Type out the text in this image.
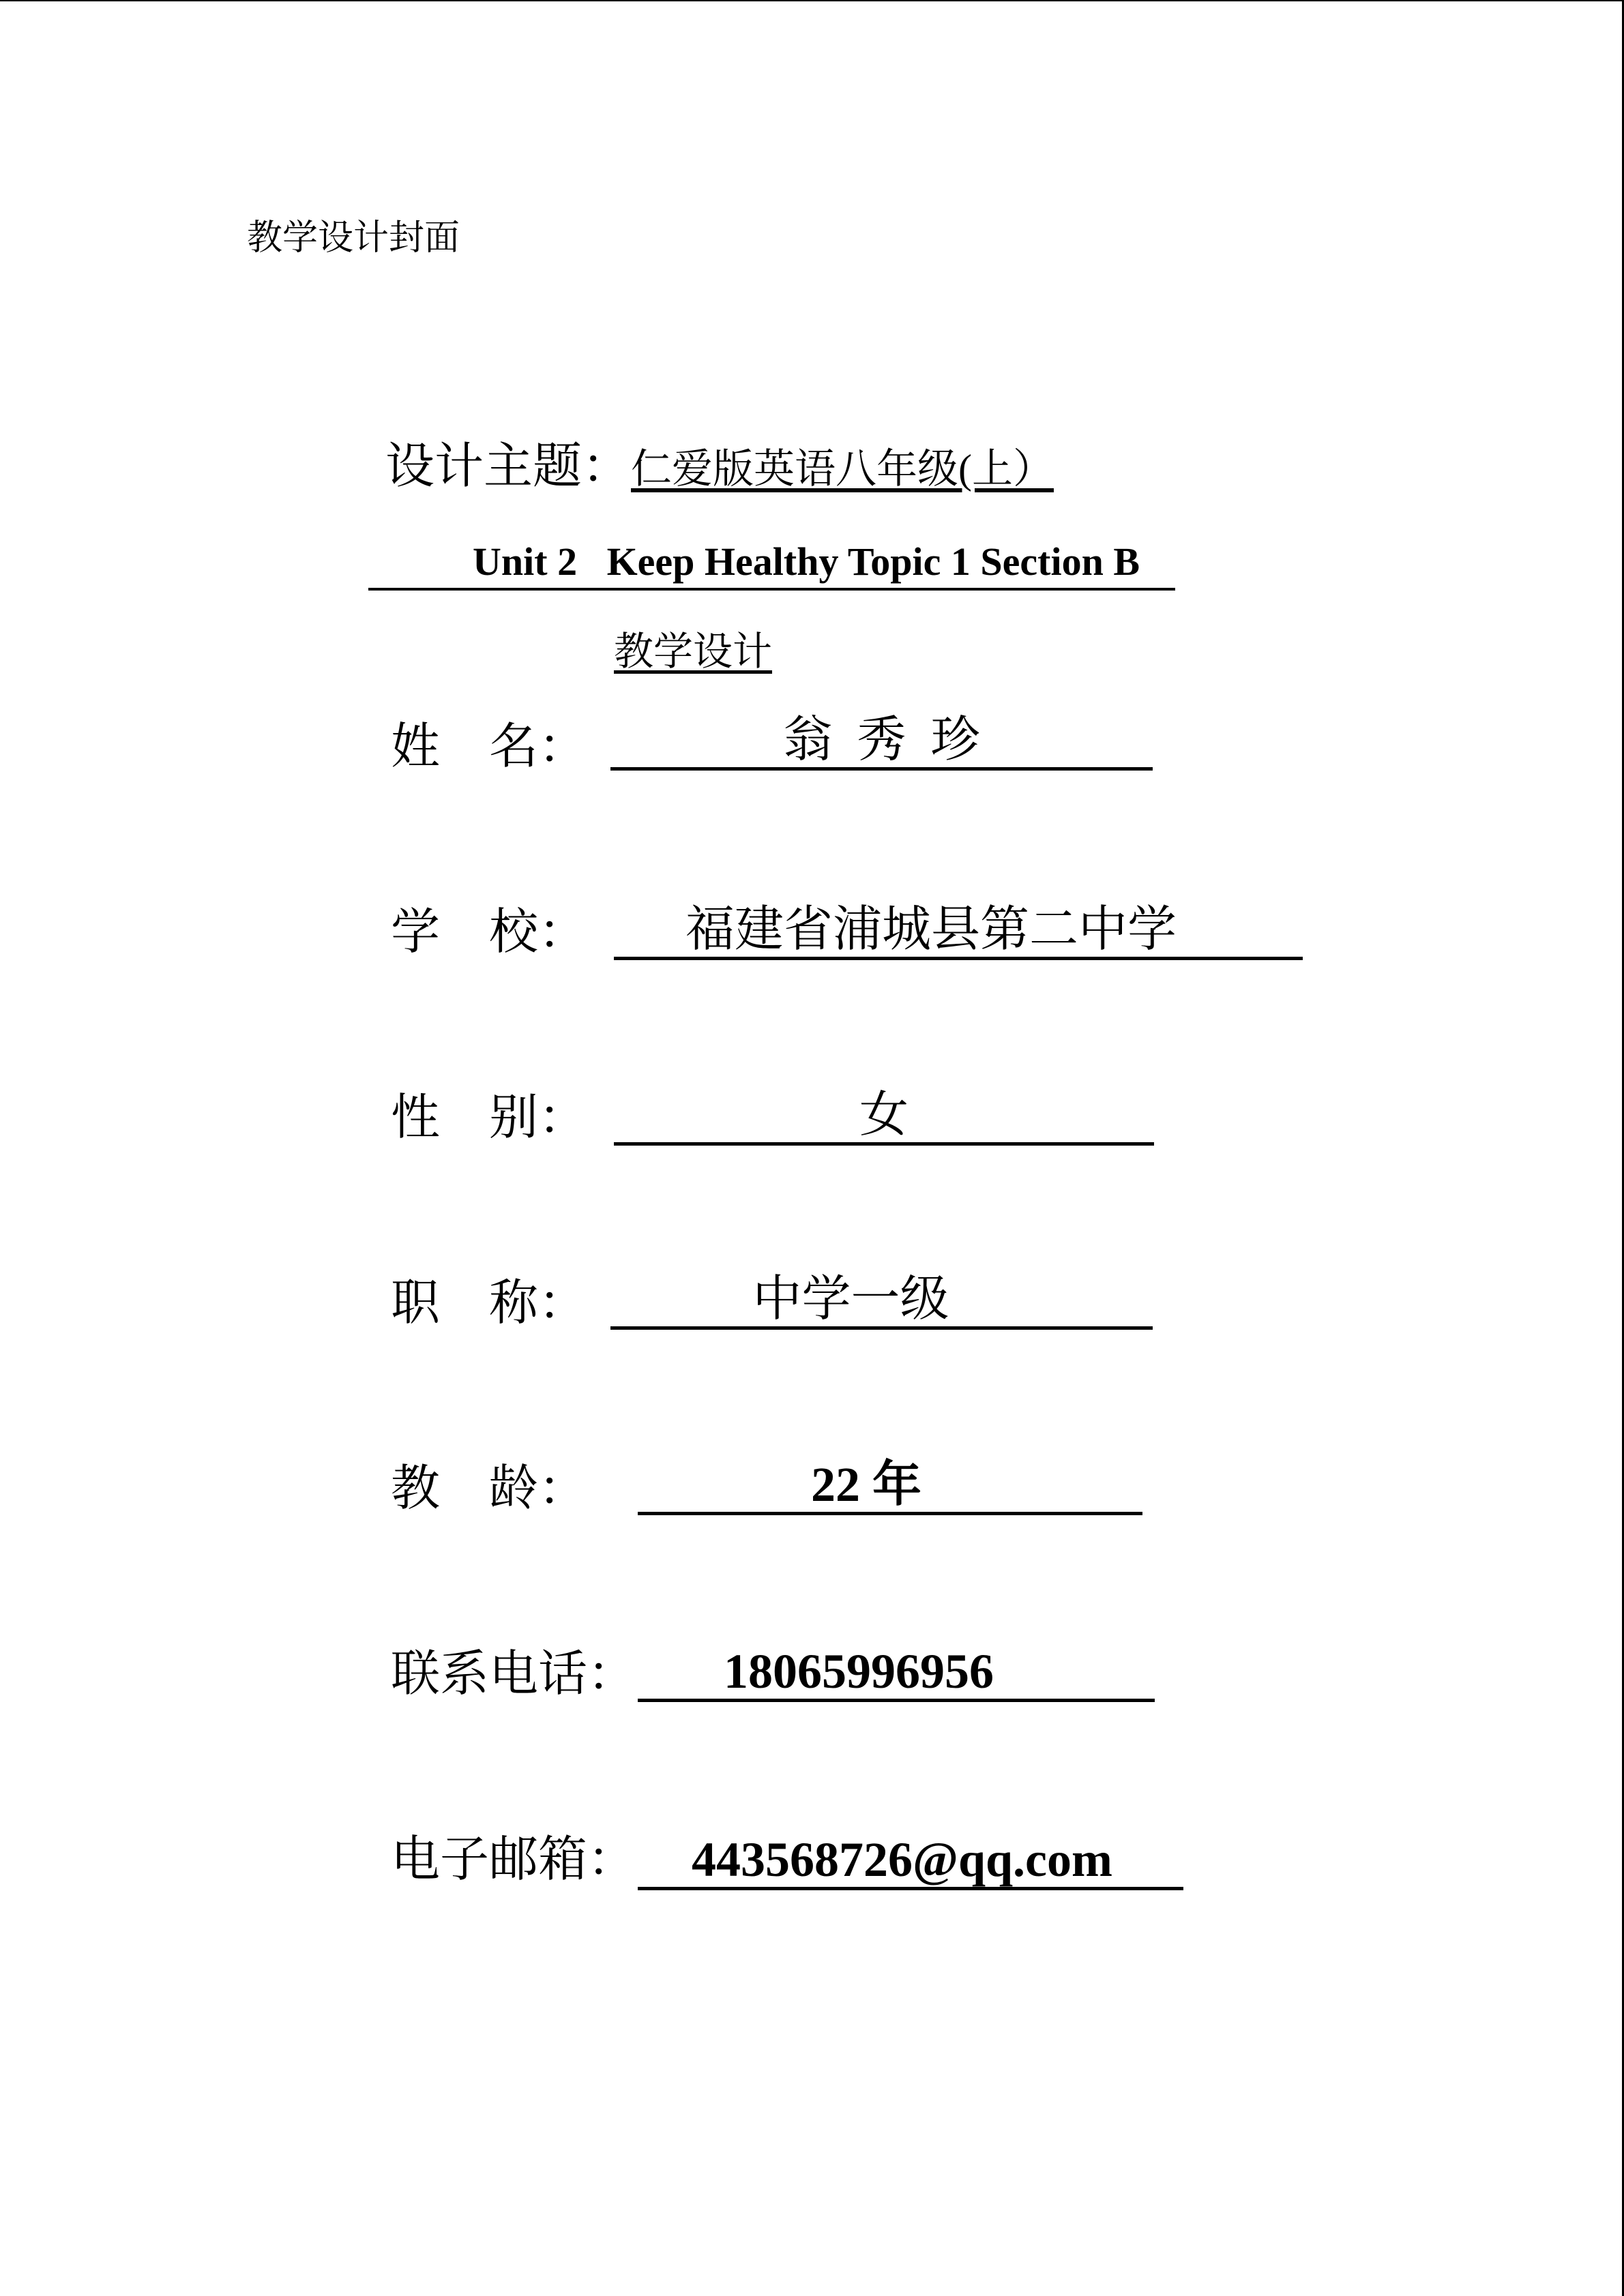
教学设计封面
设计主题： 仁爱版英语八年级(上）

Unit 2   Keep Healthy Topic 1 Section B

教学设计
姓    名：	翁  秀  珍
学    校：	福建省浦城县第二中学
性    别：	女
职    称：	中学一级
教    龄：	22 年
联系电话：	18065996956
电子邮箱：	443568726@qq.com
